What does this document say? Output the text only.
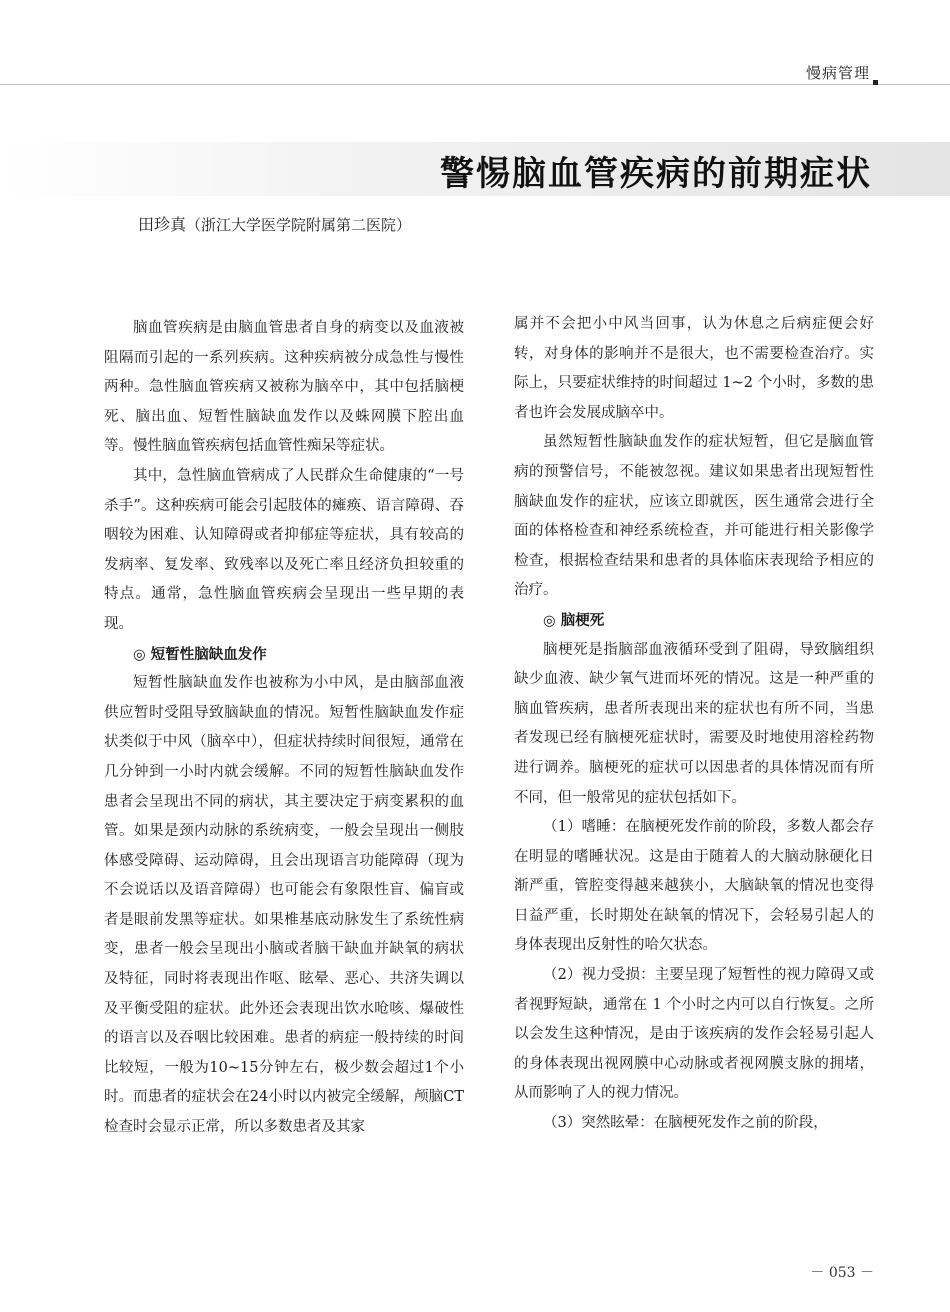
慢病管理
警惕脑血管疾病的前期症状
田珍真（浙江大学医学院附属第二医院）

脑血管疾病是由脑血管患者自身的病变以及血液被阻隔而引起的一系列疾病。这种疾病被分成急性与慢性两种。急性脑血管疾病又被称为脑卒中，其中包括脑梗死、脑出血、短暂性脑缺血发作以及蛛网膜下腔出血等。慢性脑血管疾病包括血管性痴呆等症状。

其中，急性脑血管病成了人民群众生命健康的“一号杀手”。这种疾病可能会引起肢体的瘫痪、语言障碍、吞咽较为困难、认知障碍或者抑郁症等症状，具有较高的发病率、复发率、致残率以及死亡率且经济负担较重的特点。通常，急性脑血管疾病会呈现出一些早期的表现。

◎ 短暂性脑缺血发作

短暂性脑缺血发作也被称为小中风，是由脑部血液供应暂时受阻导致脑缺血的情况。短暂性脑缺血发作症状类似于中风（脑卒中），但症状持续时间很短，通常在几分钟到一小时内就会缓解。不同的短暂性脑缺血发作患者会呈现出不同的病状，其主要决定于病变累积的血管。如果是颈内动脉的系统病变，一般会呈现出一侧肢体感受障碍、运动障碍，且会出现语言功能障碍（现为不会说话以及语音障碍）也可能会有象限性盲、偏盲或者是眼前发黑等症状。如果椎基底动脉发生了系统性病变，患者一般会呈现出小脑或者脑干缺血并缺氧的病状及特征，同时将表现出作呕、眩晕、恶心、共济失调以及平衡受阻的症状。此外还会表现出饮水呛咳、爆破性的语言以及吞咽比较困难。患者的病症一般持续的时间比较短，一般为10~15分钟左右，极少数会超过1个小时。而患者的症状会在24小时以内被完全缓解，颅脑CT检查时会显示正常，所以多数患者及其家

属并不会把小中风当回事，认为休息之后病症便会好转，对身体的影响并不是很大，也不需要检查治疗。实际上，只要症状维持的时间超过 1~2 个小时，多数的患者也许会发展成脑卒中。

虽然短暂性脑缺血发作的症状短暂，但它是脑血管病的预警信号，不能被忽视。建议如果患者出现短暂性脑缺血发作的症状，应该立即就医，医生通常会进行全面的体格检查和神经系统检查，并可能进行相关影像学检查，根据检查结果和患者的具体临床表现给予相应的治疗。

◎ 脑梗死

脑梗死是指脑部血液循环受到了阻碍，导致脑组织缺少血液、缺少氧气进而坏死的情况。这是一种严重的脑血管疾病，患者所表现出来的症状也有所不同，当患者发现已经有脑梗死症状时，需要及时地使用溶栓药物进行调养。脑梗死的症状可以因患者的具体情况而有所不同，但一般常见的症状包括如下。

（1）嗜睡：在脑梗死发作前的阶段，多数人都会存在明显的嗜睡状况。这是由于随着人的大脑动脉硬化日渐严重，管腔变得越来越狭小，大脑缺氧的情况也变得日益严重，长时期处在缺氧的情况下，会轻易引起人的身体表现出反射性的哈欠状态。

（2）视力受损：主要呈现了短暂性的视力障碍又或者视野短缺，通常在 1 个小时之内可以自行恢复。之所以会发生这种情况，是由于该疾病的发作会轻易引起人的身体表现出视网膜中心动脉或者视网膜支脉的拥堵，从而影响了人的视力情况。

（3）突然眩晕：在脑梗死发作之前的阶段，

－ 053 －
